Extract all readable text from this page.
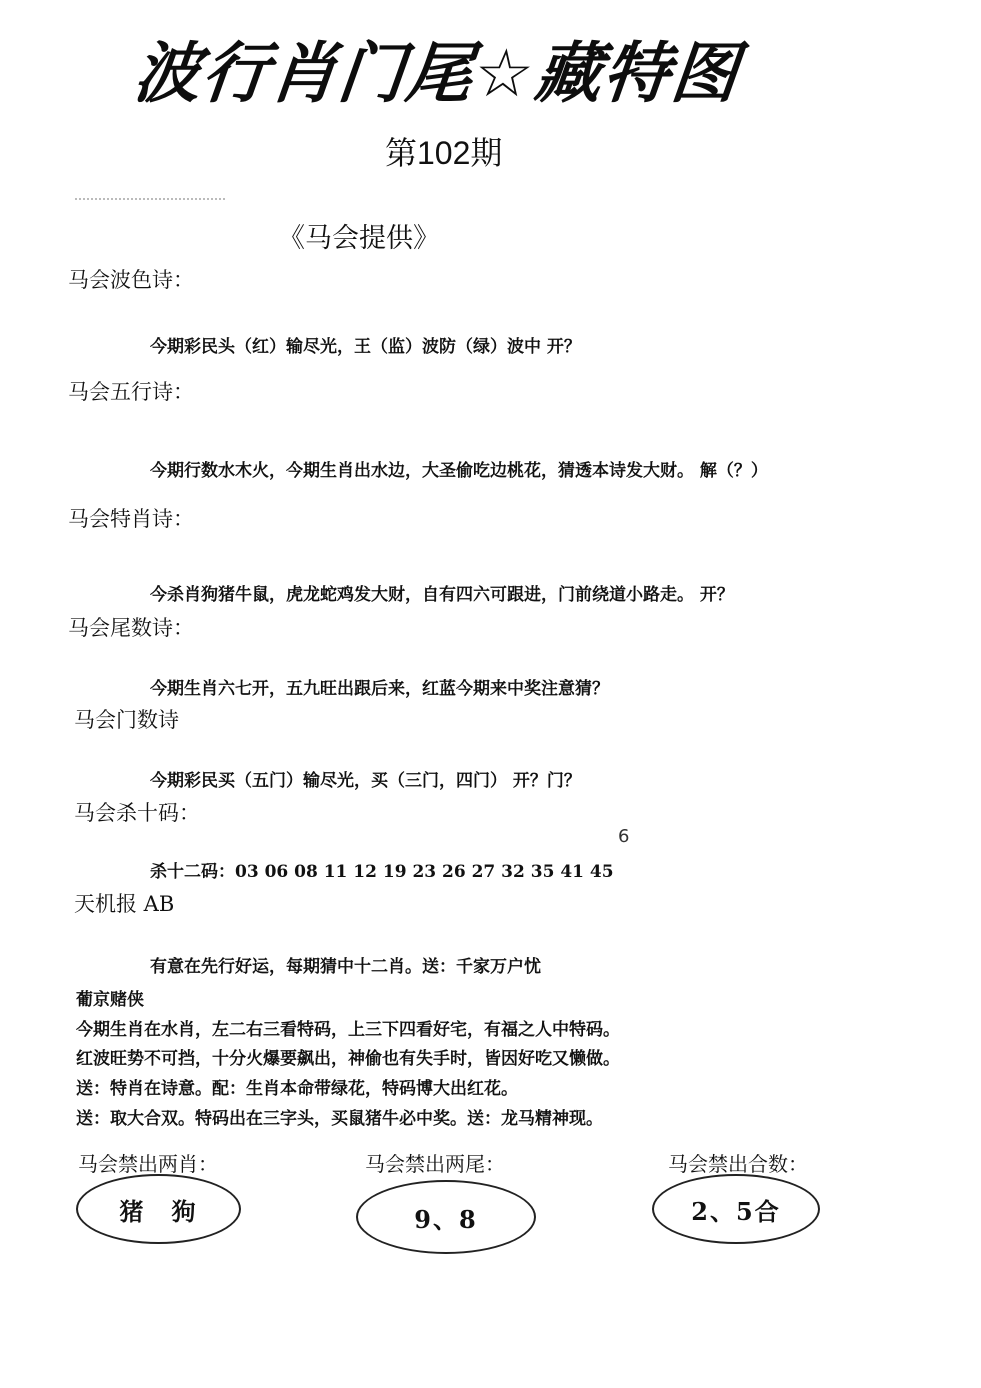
波行肖门尾☆藏特图
第102期
《马会提供》
马会波色诗：
今期彩民头（红）输尽光，王（监）波防（绿）波中 开？
马会五行诗：
今期行数水木火，今期生肖出水边，大圣偷吃边桃花，猜透本诗发大财。 解（？）
马会特肖诗：
今杀肖狗猪牛鼠，虎龙蛇鸡发大财，自有四六可跟进，门前绕道小路走。 开？
马会尾数诗：
今期生肖六七开，五九旺出跟后来，红蓝今期来中奖注意猜？
马会门数诗
今期彩民买（五门）输尽光，买（三门，四门） 开？门？
马会杀十码：
6
杀十二码：03 06 08 11 12 19 23 26 27 32 35 41 45
天机报 AB
有意在先行好运，每期猜中十二肖。送：千家万户忧
葡京赌侠
今期生肖在水肖，左二右三看特码，上三下四看好宅，有福之人中特码。
红波旺势不可挡，十分火爆要飙出，神偷也有失手时，皆因好吃又懒做。
送：特肖在诗意。配：生肖本命带绿花，特码博大出红花。
送：取大合双。特码出在三字头，买鼠猪牛必中奖。送：龙马精神现。
马会禁出两肖：
猪　狗
马会禁出两尾：
9、8
马会禁出合数：
2、5合
